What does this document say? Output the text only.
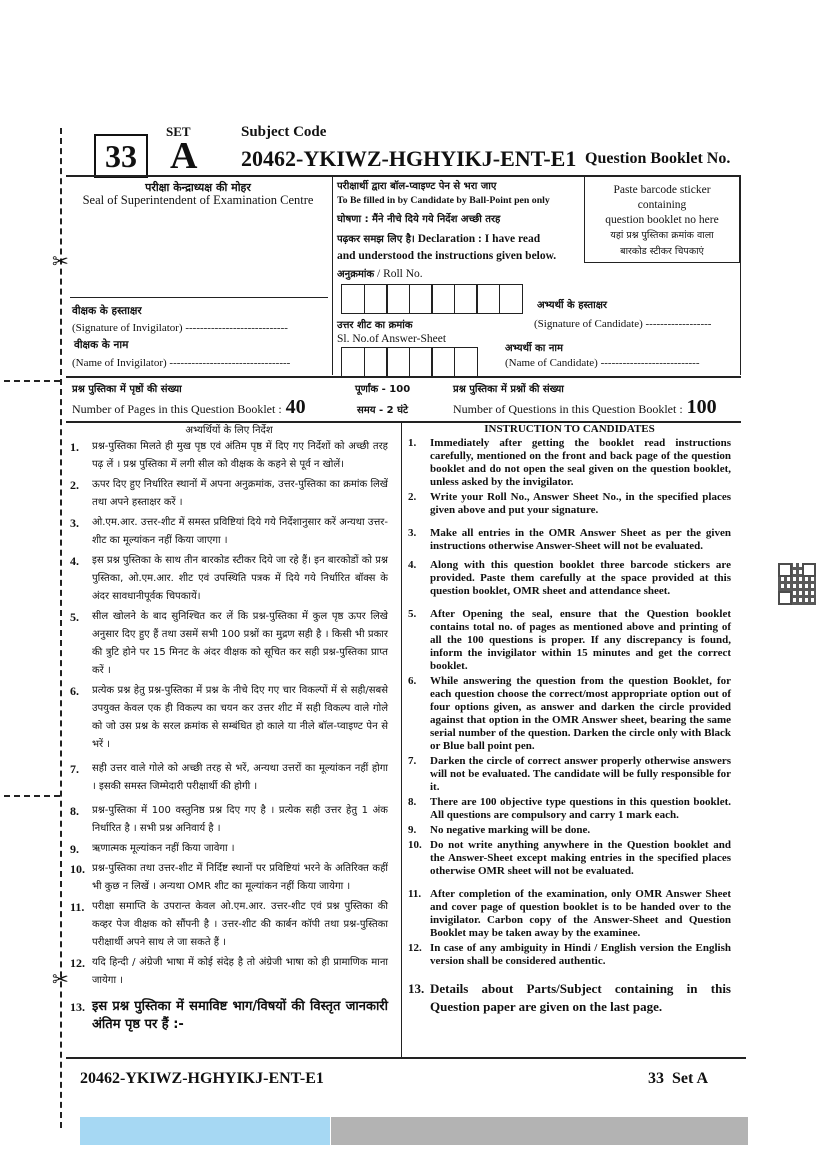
✂
✂
33
SET
A
Subject Code
20462-YKIWZ-HGHYIKJ-ENT-E1 Question Booklet No.
परीक्षा केन्द्राध्यक्ष की मोहर
Seal of Superintendent of Examination Centre
वीक्षक के हस्ताक्षर
(Signature of Invigilator) ----------------------------
वीक्षक के नाम
(Name of Invigilator) ---------------------------------
परीक्षार्थी द्वारा बॉल-प्वाइण्ट पेन से भरा जाए
To Be filled in by Candidate by Ball-Point pen only
घोषणा : मैंने नीचे दिये गये निर्देश अच्छी तरह
पढ़कर समझ लिए है। Declaration : I have read
and understood the instructions given below.
अनुक्रमांक / Roll No.
उत्तर शीट का क्रमांक
Sl. No.of Answer-Sheet
अभ्यर्थी के हस्ताक्षर
(Signature of Candidate) ------------------
अभ्यर्थी का नाम
(Name of Candidate) ---------------------------
Paste barcode sticker
containing
question booklet no here
यहां प्रश्न पुस्तिका क्रमांक वाला
बारकोड स्टीकर चिपकाएं
प्रश्न पुस्तिका में पृष्ठों की संख्या
Number of Pages in this Question Booklet : 40
पूर्णांक - 100
समय - 2 घंटे
प्रश्न पुस्तिका में प्रश्नों की संख्या
Number of Questions in this Question Booklet : 100
अभ्यर्थियों के लिए निर्देश
1. प्रश्न-पुस्तिका मिलते ही मुख पृष्ठ एवं अंतिम पृष्ठ में दिए गए निर्देशों को अच्छी तरह पढ़ लें । प्रश्न पुस्तिका में लगी सील को वीक्षक के कहने से पूर्व न खोलें।
2. ऊपर दिए हुए निर्धारित स्थानों में अपना अनुक्रमांक, उत्तर-पुस्तिका का क्रमांक लिखें तथा अपने हस्ताक्षर करें ।
3. ओ.एम.आर. उत्तर-शीट में समस्त प्रविष्टियां दिये गये निर्देशानुसार करें अन्यथा उत्तर-शीट का मूल्यांकन नहीं किया जाएगा ।
4. इस प्रश्न पुस्तिका के साथ तीन बारकोड स्टीकर दिये जा रहे हैं। इन बारकोडों को प्रश्न पुस्तिका, ओ.एम.आर. शीट एवं उपस्थिति पत्रक में दिये गये निर्धारित बॉक्स के अंदर सावधानीपूर्वक चिपकायें।
5. सील खोलने के बाद सुनिश्चित कर लें कि प्रश्न-पुस्तिका में कुल पृष्ठ ऊपर लिखे अनुसार दिए हुए हैं तथा उसमें सभी 100 प्रश्नों का मुद्रण सही है । किसी भी प्रकार की त्रुटि होने पर 15 मिनट के अंदर वीक्षक को सूचित कर सही प्रश्न-पुस्तिका प्राप्त करें ।
6. प्रत्येक प्रश्न हेतु प्रश्न-पुस्तिका में प्रश्न के नीचे दिए गए चार विकल्पों में से सही/सबसे उपयुक्त केवल एक ही विकल्प का चयन कर उत्तर शीट में सही विकल्प वाले गोले को जो उस प्रश्न के सरल क्रमांक से सम्बंधित हो काले या नीले बॉल-प्वाइण्ट पेन से भरें ।
7. सही उत्तर वाले गोले को अच्छी तरह से भरें, अन्यथा उत्तरों का मूल्यांकन नहीं होगा । इसकी समस्त जिम्मेदारी परीक्षार्थी की होगी ।
8. प्रश्न-पुस्तिका में 100 वस्तुनिष्ठ प्रश्न दिए गए है । प्रत्येक सही उत्तर हेतु 1 अंक निर्धारित है । सभी प्रश्न अनिवार्य है ।
9. ऋणात्मक मूल्यांकन नहीं किया जावेगा ।
10. प्रश्न-पुस्तिका तथा उत्तर-शीट में निर्दिष्ट स्थानों पर प्रविष्टियां भरने के अतिरिक्त कहीं भी कुछ न लिखें । अन्यथा OMR शीट का मूल्यांकन नहीं किया जायेगा ।
11. परीक्षा समाप्ति के उपरान्त केवल ओ.एम.आर. उत्तर-शीट एवं प्रश्न पुस्तिका की कव्हर पेज वीक्षक को सौंपनी है । उत्तर-शीट की कार्बन कॉपी तथा प्रश्न-पुस्तिका परीक्षार्थी अपने साथ ले जा सकते हैं ।
12. यदि हिन्दी / अंग्रेजी भाषा में कोई संदेह है तो अंग्रेजी भाषा को ही प्रामाणिक माना जायेगा ।
13. इस प्रश्न पुस्तिका में समाविष्ट भाग/विषयों की विस्तृत जानकारी अंतिम पृष्ठ पर हैं :-
INSTRUCTION TO CANDIDATES
1. Immediately after getting the booklet read instructions carefully, mentioned on the front and back page of the question booklet and do not open the seal given on the question booklet, unless asked by the invigilator.
2. Write your Roll No., Answer Sheet No., in the specified places given above and put your signature.
3. Make all entries in the OMR Answer Sheet as per the given instructions otherwise Answer-Sheet will not be evaluated.
4. Along with this question booklet three barcode stickers are provided. Paste them carefully at the space provided at this question booklet, OMR sheet and attendance sheet.
5. After Opening the seal, ensure that the Question booklet contains total no. of pages as mentioned above and printing of all the 100 questions is proper. If any discrepancy is found, inform the invigilator within 15 minutes and get the correct booklet.
6. While answering the question from the question Booklet, for each question choose the correct/most appropriate option out of four options given, as answer and darken the circle provided against that option in the OMR Answer sheet, bearing the same serial number of the question. Darken the circle only with Black or Blue ball point pen.
7. Darken the circle of correct answer properly otherwise answers will not be evaluated. The candidate will be fully responsible for it.
8. There are 100 objective type questions in this question booklet. All questions are compulsory and carry 1 mark each.
9. No negative marking will be done.
10. Do not write anything anywhere in the Question booklet and the Answer-Sheet except making entries in the specified places otherwise OMR sheet will not be evaluated.
11. After completion of the examination, only OMR Answer Sheet and cover page of question booklet is to be handed over to the invigilator. Carbon copy of the Answer-Sheet and Question Booklet may be taken away by the examinee.
12. In case of any ambiguity in Hindi / English version the English version shall be considered authentic.
13. Details about Parts/Subject containing in this Question paper are given on the last page.
20462-YKIWZ-HGHYIKJ-ENT-E1	33  Set A
